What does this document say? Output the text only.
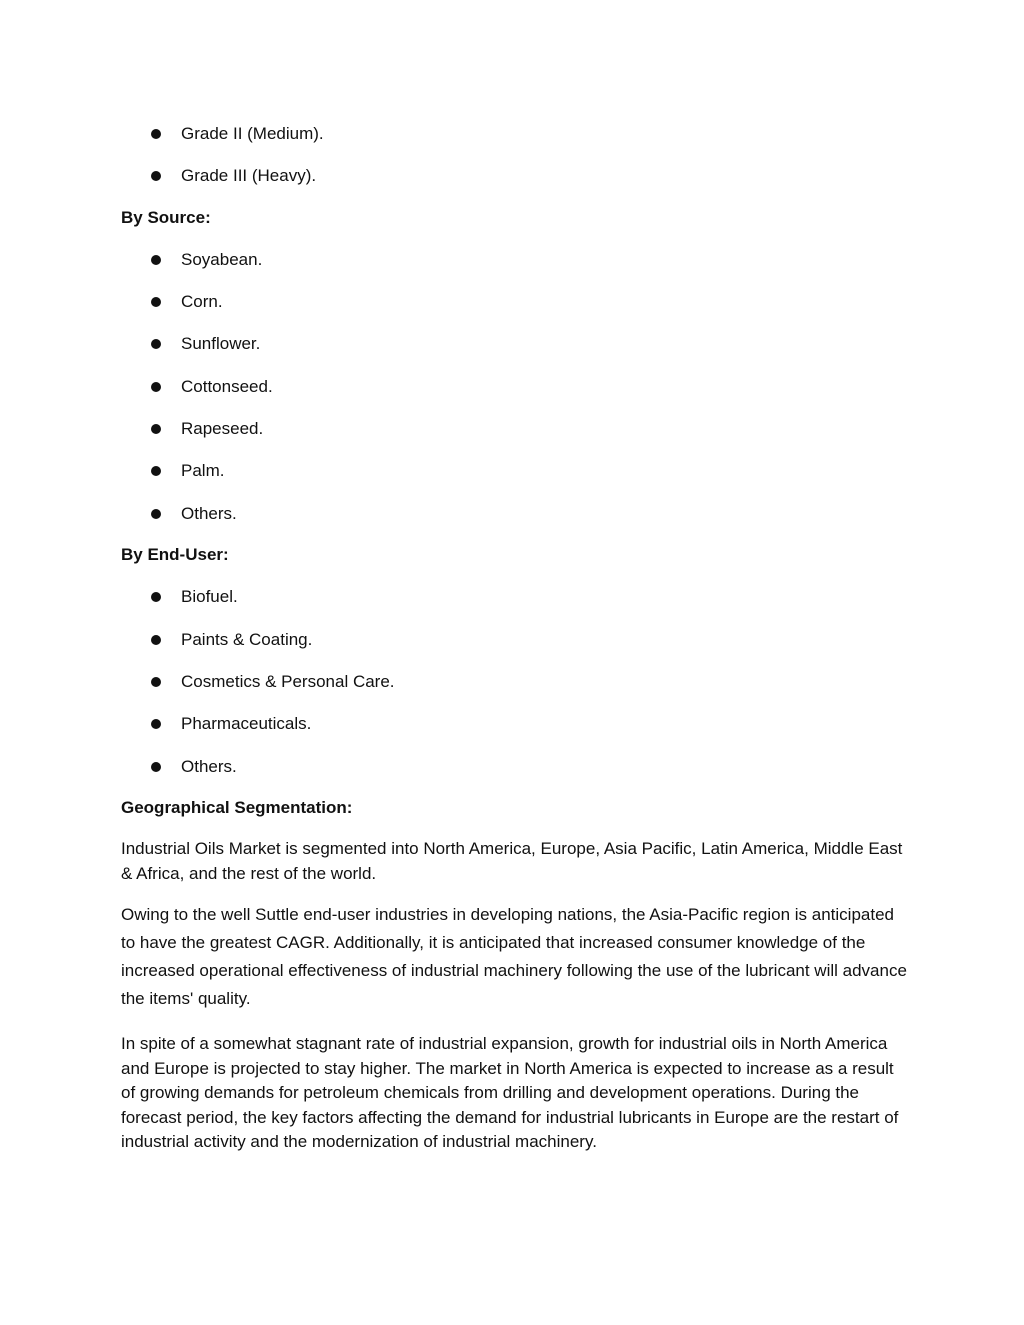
Grade II (Medium).
Grade III (Heavy).
By Source:
Soyabean.
Corn.
Sunflower.
Cottonseed.
Rapeseed.
Palm.
Others.
By End-User:
Biofuel.
Paints & Coating.
Cosmetics & Personal Care.
Pharmaceuticals.
Others.
Geographical Segmentation:

Industrial Oils Market is segmented into North America, Europe, Asia Pacific, Latin America, Middle East & Africa, and the rest of the world.

Owing to the well Suttle end-user industries in developing nations, the Asia-Pacific region is anticipated to have the greatest CAGR. Additionally, it is anticipated that increased consumer knowledge of the increased operational effectiveness of industrial machinery following the use of the lubricant will advance the items' quality.

In spite of a somewhat stagnant rate of industrial expansion, growth for industrial oils in North America and Europe is projected to stay higher. The market in North America is expected to increase as a result of growing demands for petroleum chemicals from drilling and development operations. During the forecast period, the key factors affecting the demand for industrial lubricants in Europe are the restart of industrial activity and the modernization of industrial machinery.
